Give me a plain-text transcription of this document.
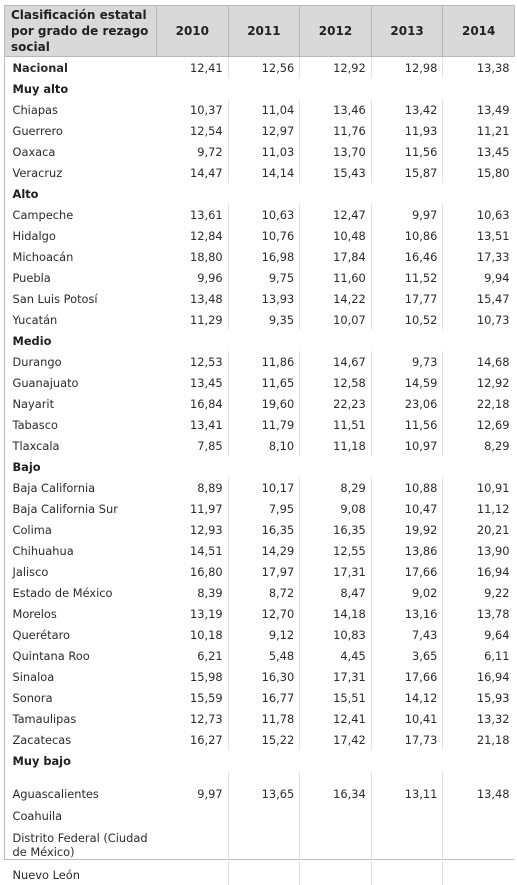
Clasificación estatal por grado de rezago social	2010	2011	2012	2013	2014
Nacional	12,41	12,56	12,92	12,98	13,38
Muy alto					
Chiapas	10,37	11,04	13,46	13,42	13,49
Guerrero	12,54	12,97	11,76	11,93	11,21
Oaxaca	9,72	11,03	13,70	11,56	13,45
Veracruz	14,47	14,14	15,43	15,87	15,80
Alto					
Campeche	13,61	10,63	12,47	9,97	10,63
Hidalgo	12,84	10,76	10,48	10,86	13,51
Michoacán	18,80	16,98	17,84	16,46	17,33
Puebla	9,96	9,75	11,60	11,52	9,94
San Luis Potosí	13,48	13,93	14,22	17,77	15,47
Yucatán	11,29	9,35	10,07	10,52	10,73
Medio					
Durango	12,53	11,86	14,67	9,73	14,68
Guanajuato	13,45	11,65	12,58	14,59	12,92
Nayarit	16,84	19,60	22,23	23,06	22,18
Tabasco	13,41	11,79	11,51	11,56	12,69
Tlaxcala	7,85	8,10	11,18	10,97	8,29
Bajo					
Baja California	8,89	10,17	8,29	10,88	10,91
Baja California Sur	11,97	7,95	9,08	10,47	11,12
Colima	12,93	16,35	16,35	19,92	20,21
Chihuahua	14,51	14,29	12,55	13,86	13,90
Jalisco	16,80	17,97	17,31	17,66	16,94
Estado de México	8,39	8,72	8,47	9,02	9,22
Morelos	13,19	12,70	14,18	13,16	13,78
Querétaro	10,18	9,12	10,83	7,43	9,64
Quintana Roo	6,21	5,48	4,45	3,65	6,11
Sinaloa	15,98	16,30	17,31	17,66	16,94
Sonora	15,59	16,77	15,51	14,12	15,93
Tamaulipas	12,73	11,78	12,41	10,41	13,32
Zacatecas	16,27	15,22	17,42	17,73	21,18
Muy bajo					
Aguascalientes	9,97	13,65	16,34	13,11	13,48
Coahuila					
Distrito Federal (Ciudad de México)					
Nuevo León					
